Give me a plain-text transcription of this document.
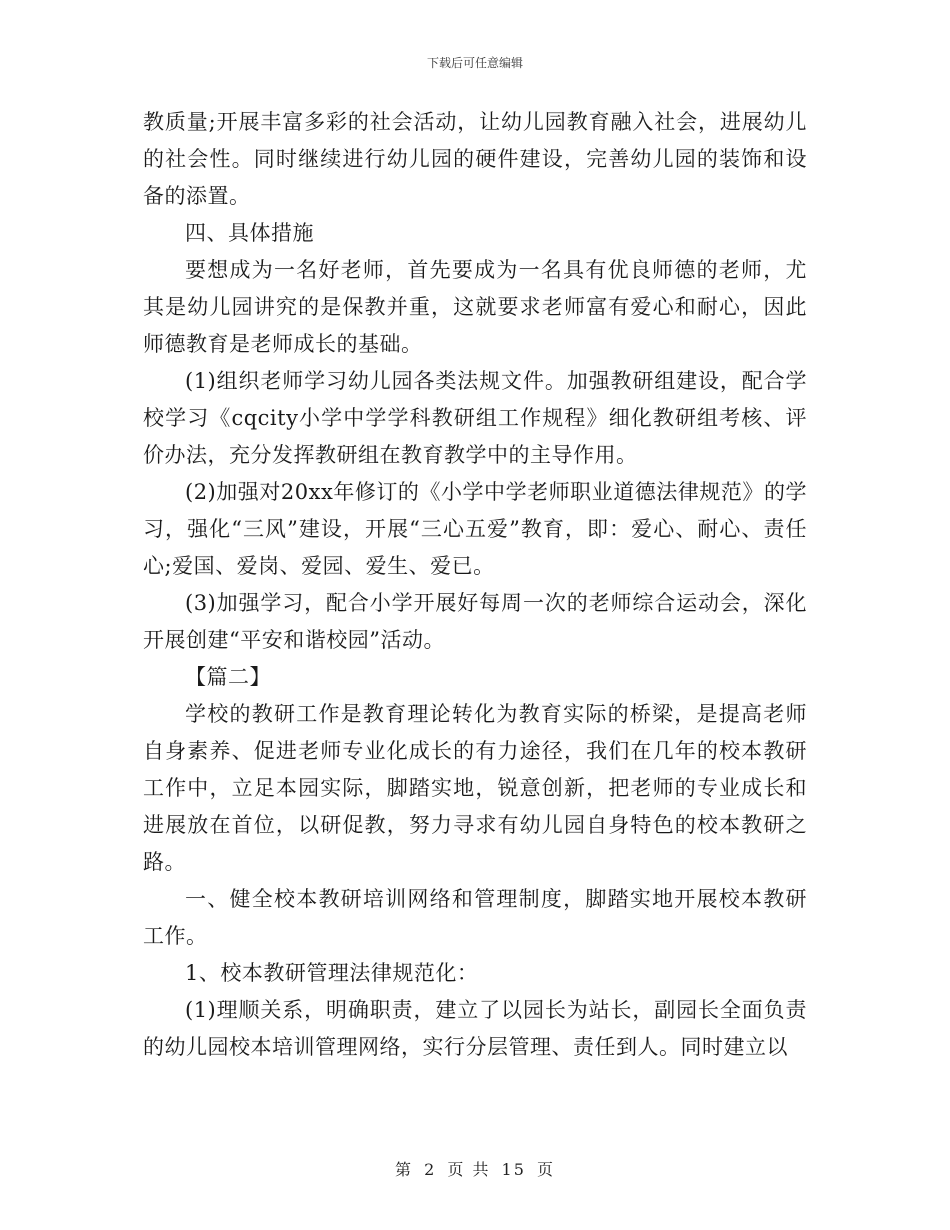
下载后可任意编辑

教质量;开展丰富多彩的社会活动，让幼儿园教育融入社会，进展幼儿的社会性。同时继续进行幼儿园的硬件建设，完善幼儿园的装饰和设备的添置。

四、具体措施

要想成为一名好老师，首先要成为一名具有优良师德的老师，尤其是幼儿园讲究的是保教并重，这就要求老师富有爱心和耐心，因此师德教育是老师成长的基础。

(1)组织老师学习幼儿园各类法规文件。加强教研组建设，配合学校学习《cqcity小学中学学科教研组工作规程》细化教研组考核、评价办法，充分发挥教研组在教育教学中的主导作用。

(2)加强对20xx年修订的《小学中学老师职业道德法律规范》的学习，强化“三风”建设，开展“三心五爱”教育，即：爱心、耐心、责任心;爱国、爱岗、爱园、爱生、爱已。

(3)加强学习，配合小学开展好每周一次的老师综合运动会，深化开展创建“平安和谐校园”活动。

【篇二】

学校的教研工作是教育理论转化为教育实际的桥梁，是提高老师自身素养、促进老师专业化成长的有力途径，我们在几年的校本教研工作中，立足本园实际，脚踏实地，锐意创新，把老师的专业成长和进展放在首位，以研促教，努力寻求有幼儿园自身特色的校本教研之路。

一、健全校本教研培训网络和管理制度，脚踏实地开展校本教研工作。

1、校本教研管理法律规范化：

(1)理顺关系，明确职责，建立了以园长为站长，副园长全面负责的幼儿园校本培训管理网络，实行分层管理、责任到人。同时建立以

第 2 页 共 15 页
